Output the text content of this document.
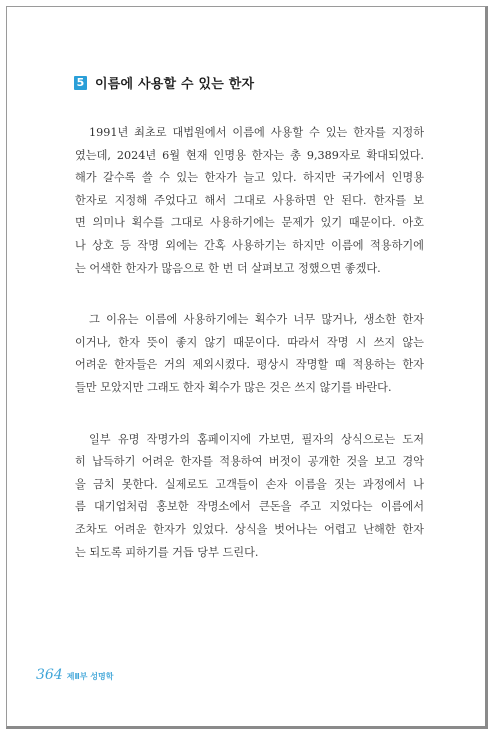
5 이름에 사용할 수 있는 한자
1991년 최초로 대법원에서 이름에 사용할 수 있는 한자를 지정하
였는데, 2024년 6월 현재 인명용 한자는 총 9,389자로 확대되었다.
해가 갈수록 쓸 수 있는 한자가 늘고 있다. 하지만 국가에서 인명용
한자로 지정해 주었다고 해서 그대로 사용하면 안 된다. 한자를 보
면 의미나 획수를 그대로 사용하기에는 문제가 있기 때문이다. 아호
나 상호 등 작명 외에는 간혹 사용하기는 하지만 이름에 적용하기에
는 어색한 한자가 많음으로 한 번 더 살펴보고 정했으면 좋겠다.
그 이유는 이름에 사용하기에는 획수가 너무 많거나, 생소한 한자
이거나, 한자 뜻이 좋지 않기 때문이다. 따라서 작명 시 쓰지 않는
어려운 한자들은 거의 제외시켰다. 평상시 작명할 때 적용하는 한자
들만 모았지만 그래도 한자 획수가 많은 것은 쓰지 않기를 바란다.
일부 유명 작명가의 홈페이지에 가보면, 필자의 상식으로는 도저
히 납득하기 어려운 한자를 적용하여 버젓이 공개한 것을 보고 경악
을 금치 못한다. 실제로도 고객들이 손자 이름을 짓는 과정에서 나
름 대기업처럼 홍보한 작명소에서 큰돈을 주고 지었다는 이름에서
조차도 어려운 한자가 있었다. 상식을 벗어나는 어렵고 난해한 한자
는 되도록 피하기를 거듭 당부 드린다.
364 제Ⅱ부 성명학
